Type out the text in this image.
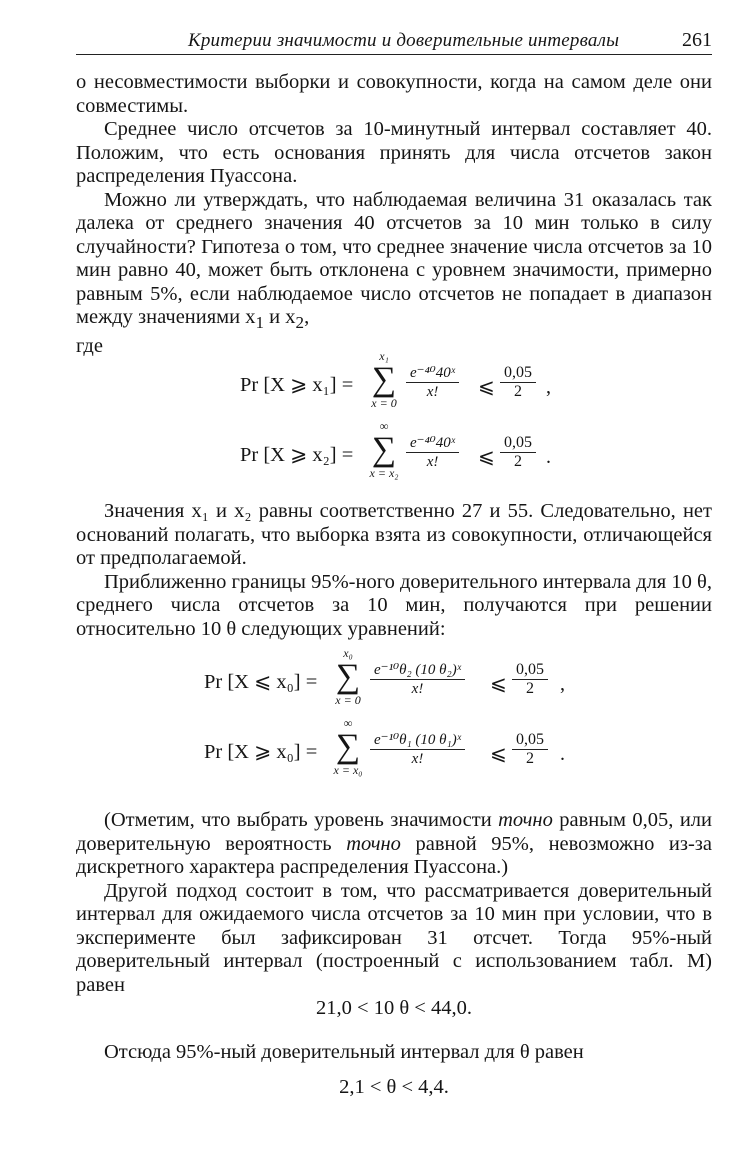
Критерии значимости и доверительные интервалы	261

о несовместимости выборки и совокупности, когда на самом деле они совместимы.

Среднее число отсчетов за 10-минутный интервал составляет 40. Положим, что есть основания принять для числа отсчетов закон распределения Пуассона.

Можно ли утверждать, что наблюдаемая величина 31 оказалась так далека от среднего значения 40 отсчетов за 10 мин только в силу случайности? Гипотеза о том, что среднее значение числа отсчетов за 10 мин равно 40, может быть отклонена с уровнем значимости, примерно равным 5%, если наблюдаемое число отсчетов не попадает в диапазон между значениями $x_1$ и $x_2$,

где

Pr [X ⩾ x₁] =
x₁
∑
x = 0
$\frac{\text{e⁻⁴⁰40ˣ}}{x!}$ ⩽ $\frac{0,05}{2}$ ,
Pr [X ⩾ x₂] =
∞
∑
x = x₂
$\frac{\text{e⁻⁴⁰40ˣ}}{x!}$ ⩽ $\frac{0,05}{2}$ .

Значения x₁ и x₂ равны соответственно 27 и 55. Следовательно, нет оснований полагать, что выборка взята из совокупности, отличающейся от предполагаемой.

Приближенно границы 95%-ного доверительного интервала для 10 θ, среднего числа отсчетов за 10 мин, получаются при решении относительно 10 θ следующих уравнений:

Pr [X ⩽ x₀] =
x₀
∑
x = 0
$\frac{\text{e⁻¹⁰θ₂ (10 θ₂)ˣ}}{x!}$ ⩽ $\frac{0,05}{2}$ ,
Pr [X ⩾ x₀] =
∞
∑
x = x₀
$\frac{\text{e⁻¹⁰θ₁ (10 θ₁)ˣ}}{x!}$ ⩽ $\frac{0,05}{2}$ .

(Отметим, что выбрать уровень значимости точно равным 0,05, или доверительную вероятность точно равной 95%, невозможно из-за дискретного характера распределения Пуассона.)

Другой подход состоит в том, что рассматривается доверительный интервал для ожидаемого числа отсчетов за 10 мин при условии, что в эксперименте был зафиксирован 31 отсчет. Тогда 95%-ный доверительный интервал (построенный с использованием табл. M) равен

21,0 < 10 θ < 44,0.

Отсюда 95%-ный доверительный интервал для θ равен

2,1 < θ < 4,4.
